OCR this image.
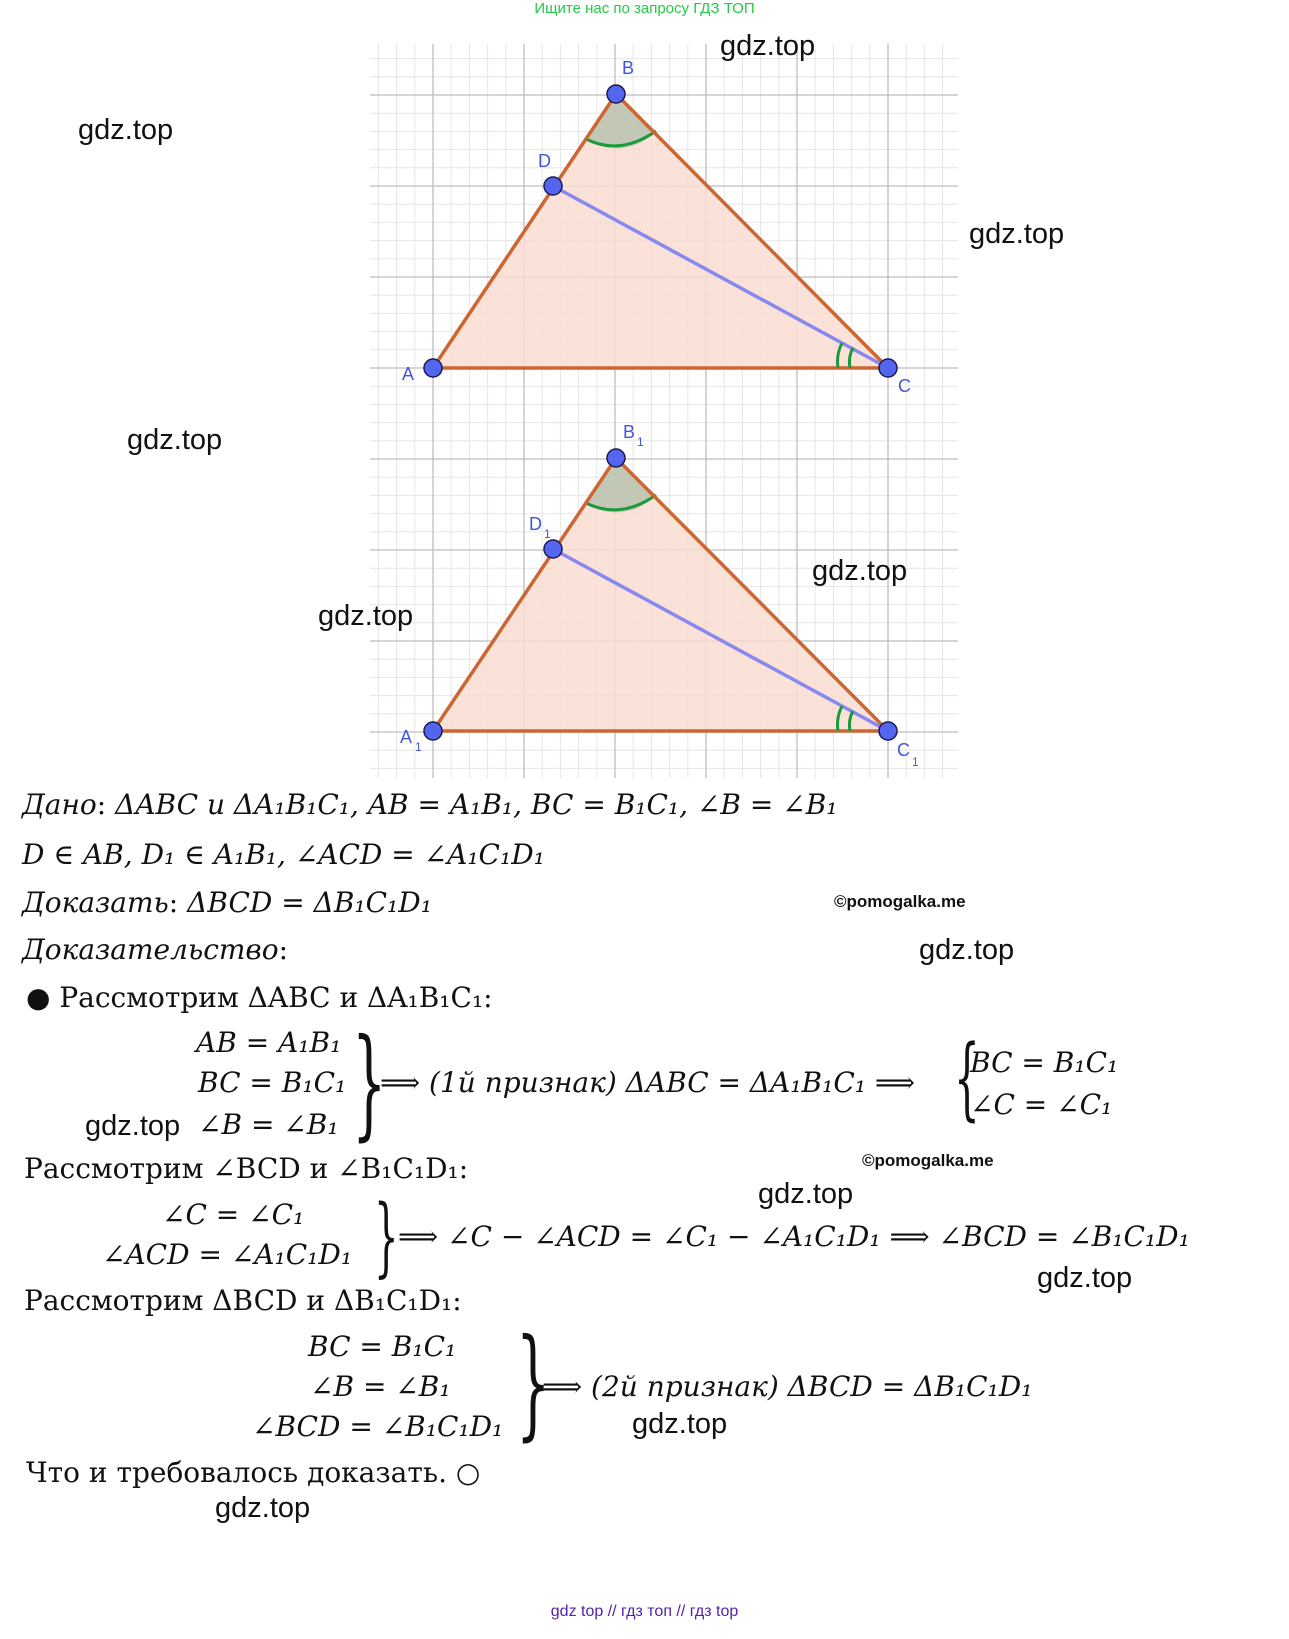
Ищите нас по запросу ГДЗ ТОП
B
D
A
C
B 1
D 1
A 1	C
1
gdz.top
gdz.top
gdz.top
gdz.top
gdz.top
gdz.top
gdz.top
gdz.top
gdz.top
gdz.top
gdz.top
gdz.top
©pomogalka.me
©pomogalka.me
Дано: ΔABC и ΔA₁B₁C₁, AB = A₁B₁, BC = B₁C₁, ∠B = ∠B₁
D ∈ AB, D₁ ∈ A₁B₁, ∠ACD = ∠A₁C₁D₁
Доказать: ΔBCD = ΔB₁C₁D₁
Доказательство:
● Рассмотрим ΔABC и ΔA₁B₁C₁:
AB = A₁B₁
BC = B₁C₁
∠B = ∠B₁ }
⟹ (1й признак) ΔABC = ΔA₁B₁C₁ ⟹ {
BC = B₁C₁
∠C = ∠C₁
Рассмотрим ∠BCD и ∠B₁C₁D₁:
∠C = ∠C₁
∠ACD = ∠A₁C₁D₁ } ⟹ ∠C − ∠ACD = ∠C₁ − ∠A₁C₁D₁ ⟹ ∠BCD = ∠B₁C₁D₁
Рассмотрим ΔBCD и ΔB₁C₁D₁:
BC = B₁C₁
∠B = ∠B₁
∠BCD = ∠B₁C₁D₁ }
⟹ (2й признак) ΔBCD = ΔB₁C₁D₁
Что и требовалось доказать. ○
gdz top // гдз топ // гдз top
